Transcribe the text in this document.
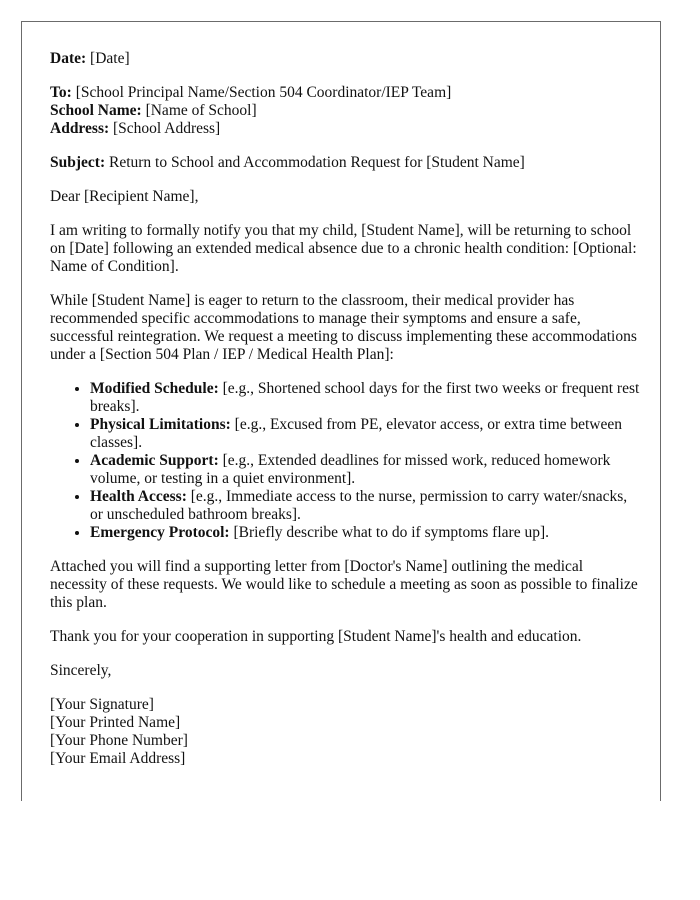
Date: [Date]

To: [School Principal Name/Section 504 Coordinator/IEP Team]
School Name: [Name of School]
Address: [School Address]

Subject: Return to School and Accommodation Request for [Student Name]

Dear [Recipient Name],

I am writing to formally notify you that my child, [Student Name], will be returning to school on [Date] following an extended medical absence due to a chronic health condition: [Optional: Name of Condition].

While [Student Name] is eager to return to the classroom, their medical provider has recommended specific accommodations to manage their symptoms and ensure a safe, successful reintegration. We request a meeting to discuss implementing these accommodations under a [Section 504 Plan / IEP / Medical Health Plan]:

• Modified Schedule: [e.g., Shortened school days for the first two weeks or frequent rest breaks].
• Physical Limitations: [e.g., Excused from PE, elevator access, or extra time between classes].
• Academic Support: [e.g., Extended deadlines for missed work, reduced homework volume, or testing in a quiet environment].
• Health Access: [e.g., Immediate access to the nurse, permission to carry water/snacks, or unscheduled bathroom breaks].
• Emergency Protocol: [Briefly describe what to do if symptoms flare up].

Attached you will find a supporting letter from [Doctor's Name] outlining the medical necessity of these requests. We would like to schedule a meeting as soon as possible to finalize this plan.

Thank you for your cooperation in supporting [Student Name]'s health and education.

Sincerely,

[Your Signature]
[Your Printed Name]
[Your Phone Number]
[Your Email Address]
